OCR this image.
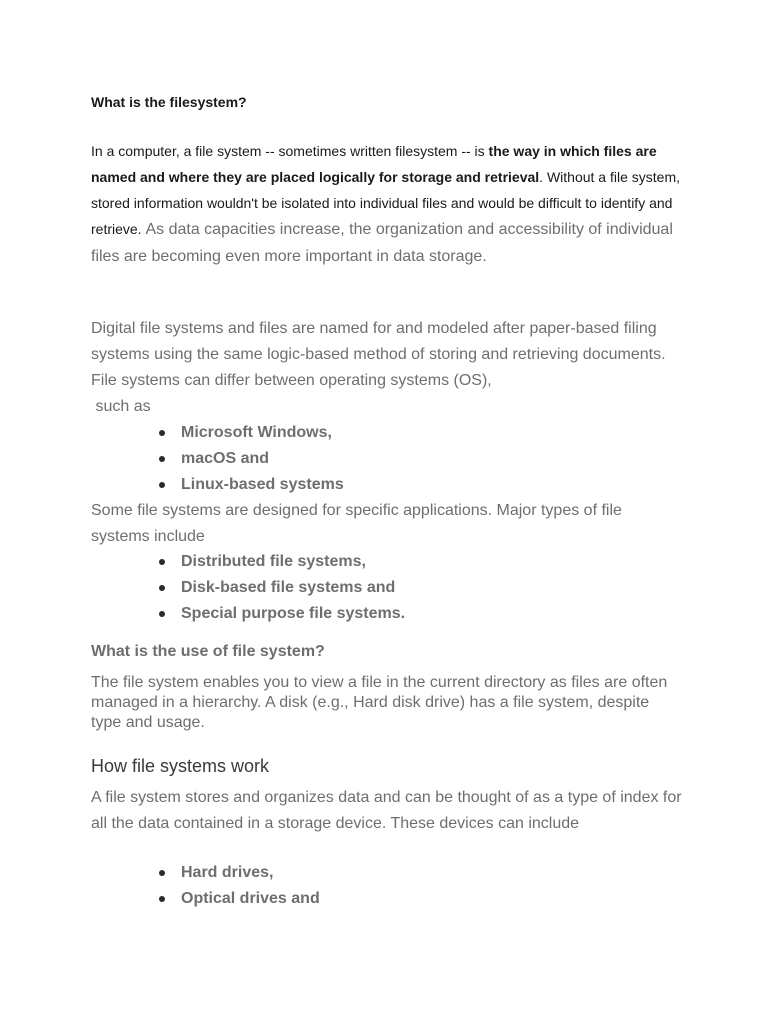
What is the filesystem?
In a computer, a file system -- sometimes written filesystem -- is the way in which files are named and where they are placed logically for storage and retrieval. Without a file system, stored information wouldn't be isolated into individual files and would be difficult to identify and retrieve. As data capacities increase, the organization and accessibility of individual files are becoming even more important in data storage.
Digital file systems and files are named for and modeled after paper-based filing systems using the same logic-based method of storing and retrieving documents. File systems can differ between operating systems (OS),
such as
Microsoft Windows,
macOS and
Linux-based systems
Some file systems are designed for specific applications. Major types of file systems include
Distributed file systems,
Disk-based file systems and
Special purpose file systems.
What is the use of file system?
The file system enables you to view a file in the current directory as files are often managed in a hierarchy. A disk (e.g., Hard disk drive) has a file system, despite type and usage.
How file systems work
A file system stores and organizes data and can be thought of as a type of index for all the data contained in a storage device. These devices can include
Hard drives,
Optical drives and
